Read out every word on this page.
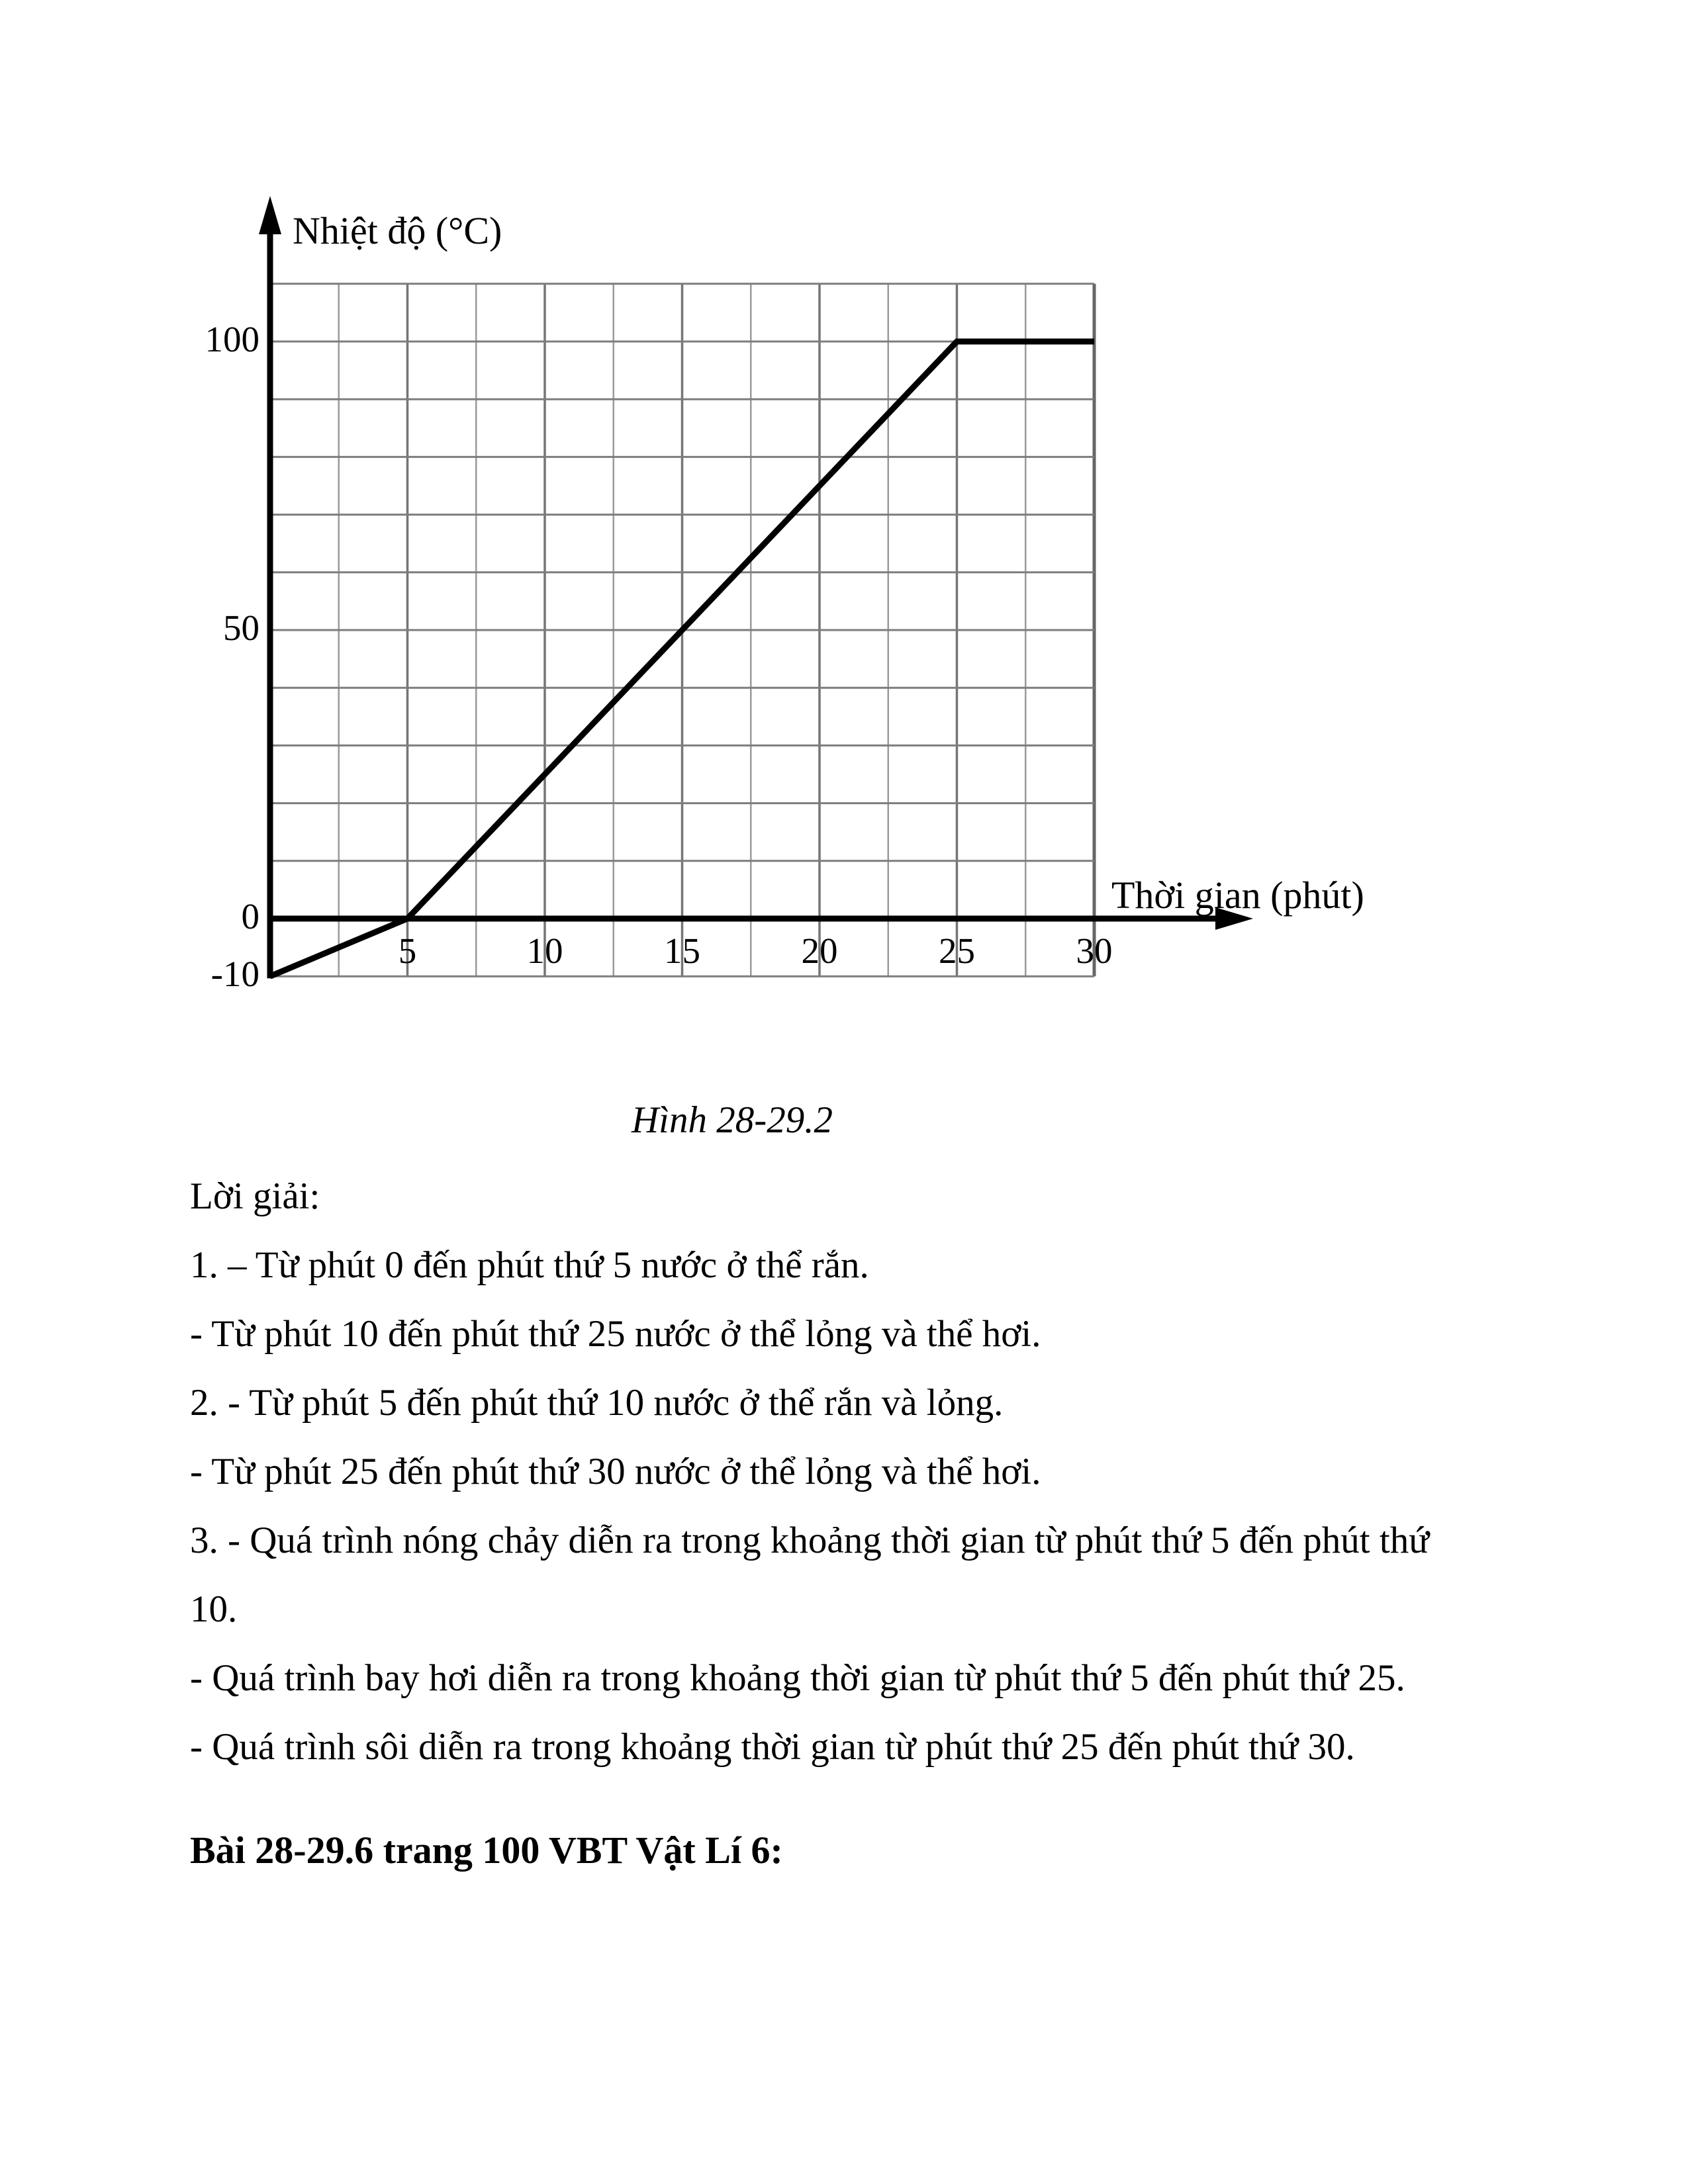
100
50
0
-10
5	10	15	20	25	30
Nhiệt độ (°C)
Thời gian (phút)
Hình 28-29.2
Lời giải:
1. – Từ phút 0 đến phút thứ 5 nước ở thể rắn.
- Từ phút 10 đến phút thứ 25 nước ở thể lỏng và thể hơi.
2. - Từ phút 5 đến phút thứ 10 nước ở thể rắn và lỏng.
- Từ phút 25 đến phút thứ 30 nước ở thể lỏng và thể hơi.
3. - Quá trình nóng chảy diễn ra trong khoảng thời gian từ phút thứ 5 đến phút thứ
10.
- Quá trình bay hơi diễn ra trong khoảng thời gian từ phút thứ 5 đến phút thứ 25.
- Quá trình sôi diễn ra trong khoảng thời gian từ phút thứ 25 đến phút thứ 30.
Bài 28-29.6 trang 100 VBT Vật Lí 6:
